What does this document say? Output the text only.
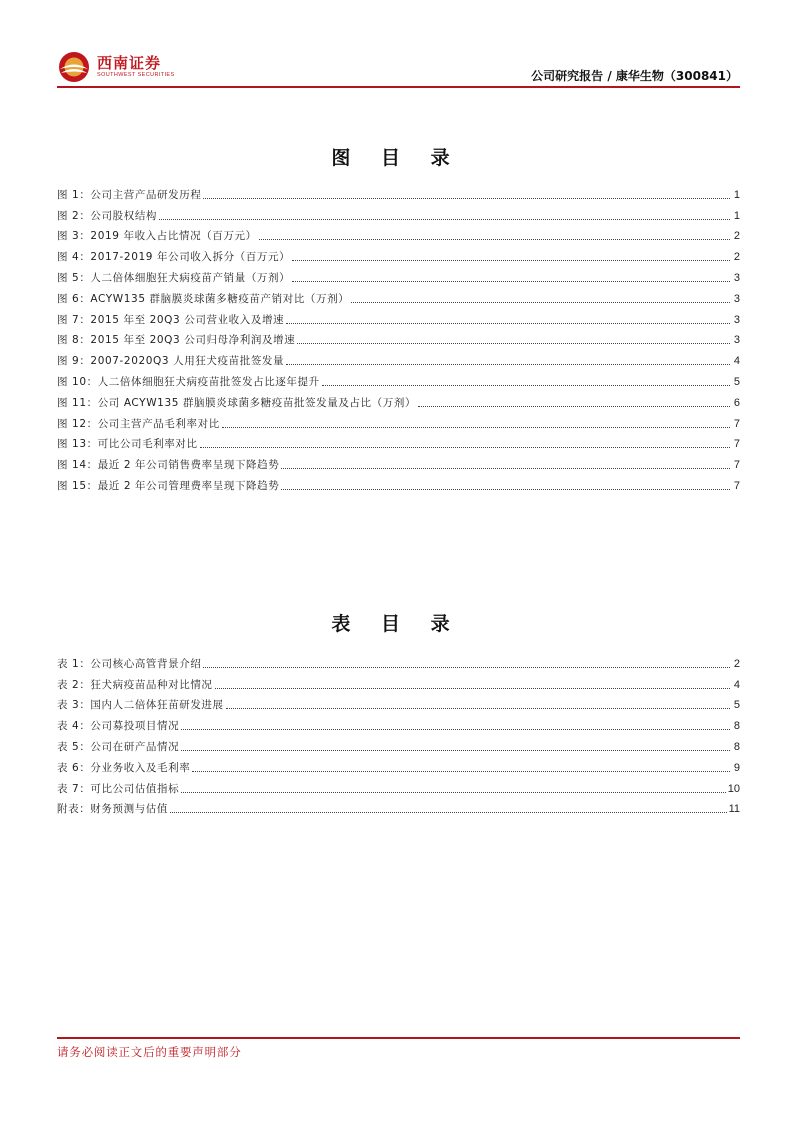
西南证券
SOUTHWEST SECURITIES	公司研究报告 / 康华生物（300841）
图 目 录
图 1：公司主营产品研发历程	1
图 2：公司股权结构	1
图 3：2019 年收入占比情况（百万元）	2
图 4：2017-2019 年公司收入拆分（百万元）	2
图 5：人二倍体细胞狂犬病疫苗产销量（万剂）	3
图 6：ACYW135 群脑膜炎球菌多糖疫苗产销对比（万剂）	3
图 7：2015 年至 20Q3 公司营业收入及增速	3
图 8：2015 年至 20Q3 公司归母净利润及增速	3
图 9：2007-2020Q3 人用狂犬疫苗批签发量	4
图 10：人二倍体细胞狂犬病疫苗批签发占比逐年提升	5
图 11：公司 ACYW135 群脑膜炎球菌多糖疫苗批签发量及占比（万剂）	6
图 12：公司主营产品毛利率对比	7
图 13：可比公司毛利率对比	7
图 14：最近 2 年公司销售费率呈现下降趋势	7
图 15：最近 2 年公司管理费率呈现下降趋势	7
表 目 录
表 1：公司核心高管背景介绍	2
表 2：狂犬病疫苗品种对比情况	4
表 3：国内人二倍体狂苗研发进展	5
表 4：公司募投项目情况	8
表 5：公司在研产品情况	8
表 6：分业务收入及毛利率	9
表 7：可比公司估值指标	10
附表：财务预测与估值	11
请务必阅读正文后的重要声明部分
